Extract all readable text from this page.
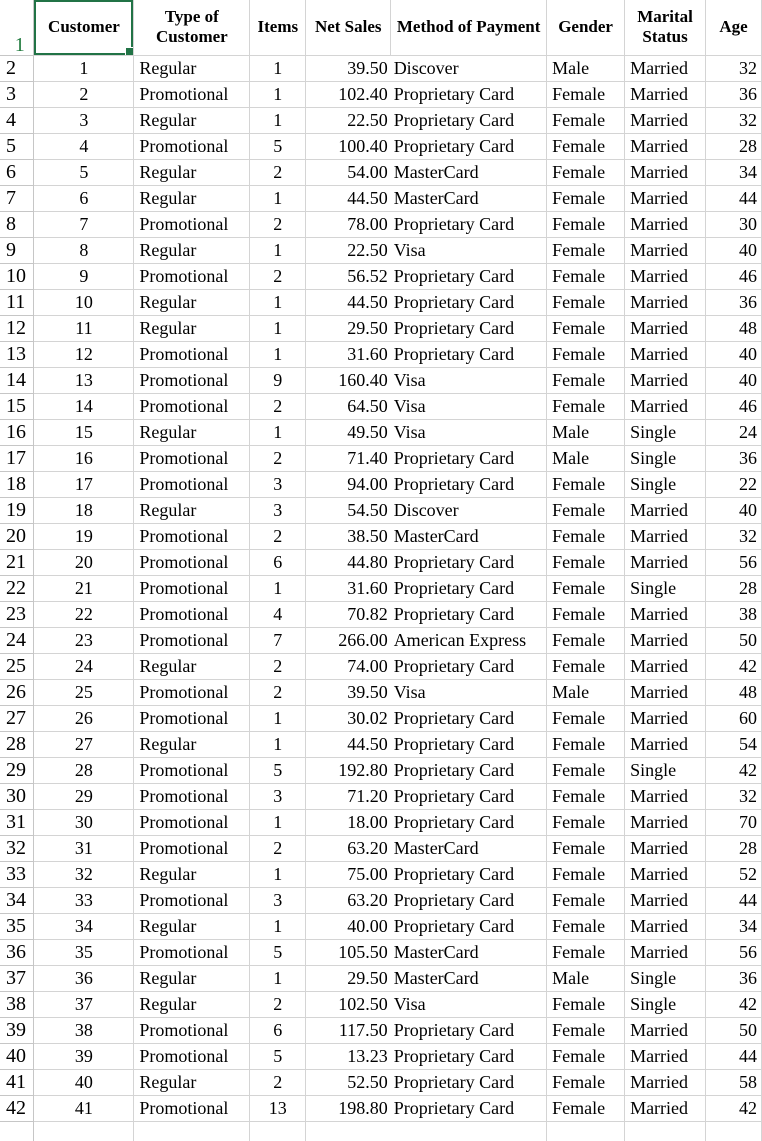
1	Customer	Type of Customer	Items	Net Sales	Method of Payment	Gender	Marital Status	Age
2	1	Regular	1	39.50	Discover	Male	Married	32
3	2	Promotional	1	102.40	Proprietary Card	Female	Married	36
4	3	Regular	1	22.50	Proprietary Card	Female	Married	32
5	4	Promotional	5	100.40	Proprietary Card	Female	Married	28
6	5	Regular	2	54.00	MasterCard	Female	Married	34
7	6	Regular	1	44.50	MasterCard	Female	Married	44
8	7	Promotional	2	78.00	Proprietary Card	Female	Married	30
9	8	Regular	1	22.50	Visa	Female	Married	40
10	9	Promotional	2	56.52	Proprietary Card	Female	Married	46
11	10	Regular	1	44.50	Proprietary Card	Female	Married	36
12	11	Regular	1	29.50	Proprietary Card	Female	Married	48
13	12	Promotional	1	31.60	Proprietary Card	Female	Married	40
14	13	Promotional	9	160.40	Visa	Female	Married	40
15	14	Promotional	2	64.50	Visa	Female	Married	46
16	15	Regular	1	49.50	Visa	Male	Single	24
17	16	Promotional	2	71.40	Proprietary Card	Male	Single	36
18	17	Promotional	3	94.00	Proprietary Card	Female	Single	22
19	18	Regular	3	54.50	Discover	Female	Married	40
20	19	Promotional	2	38.50	MasterCard	Female	Married	32
21	20	Promotional	6	44.80	Proprietary Card	Female	Married	56
22	21	Promotional	1	31.60	Proprietary Card	Female	Single	28
23	22	Promotional	4	70.82	Proprietary Card	Female	Married	38
24	23	Promotional	7	266.00	American Express	Female	Married	50
25	24	Regular	2	74.00	Proprietary Card	Female	Married	42
26	25	Promotional	2	39.50	Visa	Male	Married	48
27	26	Promotional	1	30.02	Proprietary Card	Female	Married	60
28	27	Regular	1	44.50	Proprietary Card	Female	Married	54
29	28	Promotional	5	192.80	Proprietary Card	Female	Single	42
30	29	Promotional	3	71.20	Proprietary Card	Female	Married	32
31	30	Promotional	1	18.00	Proprietary Card	Female	Married	70
32	31	Promotional	2	63.20	MasterCard	Female	Married	28
33	32	Regular	1	75.00	Proprietary Card	Female	Married	52
34	33	Promotional	3	63.20	Proprietary Card	Female	Married	44
35	34	Regular	1	40.00	Proprietary Card	Female	Married	34
36	35	Promotional	5	105.50	MasterCard	Female	Married	56
37	36	Regular	1	29.50	MasterCard	Male	Single	36
38	37	Regular	2	102.50	Visa	Female	Single	42
39	38	Promotional	6	117.50	Proprietary Card	Female	Married	50
40	39	Promotional	5	13.23	Proprietary Card	Female	Married	44
41	40	Regular	2	52.50	Proprietary Card	Female	Married	58
42	41	Promotional	13	198.80	Proprietary Card	Female	Married	42
